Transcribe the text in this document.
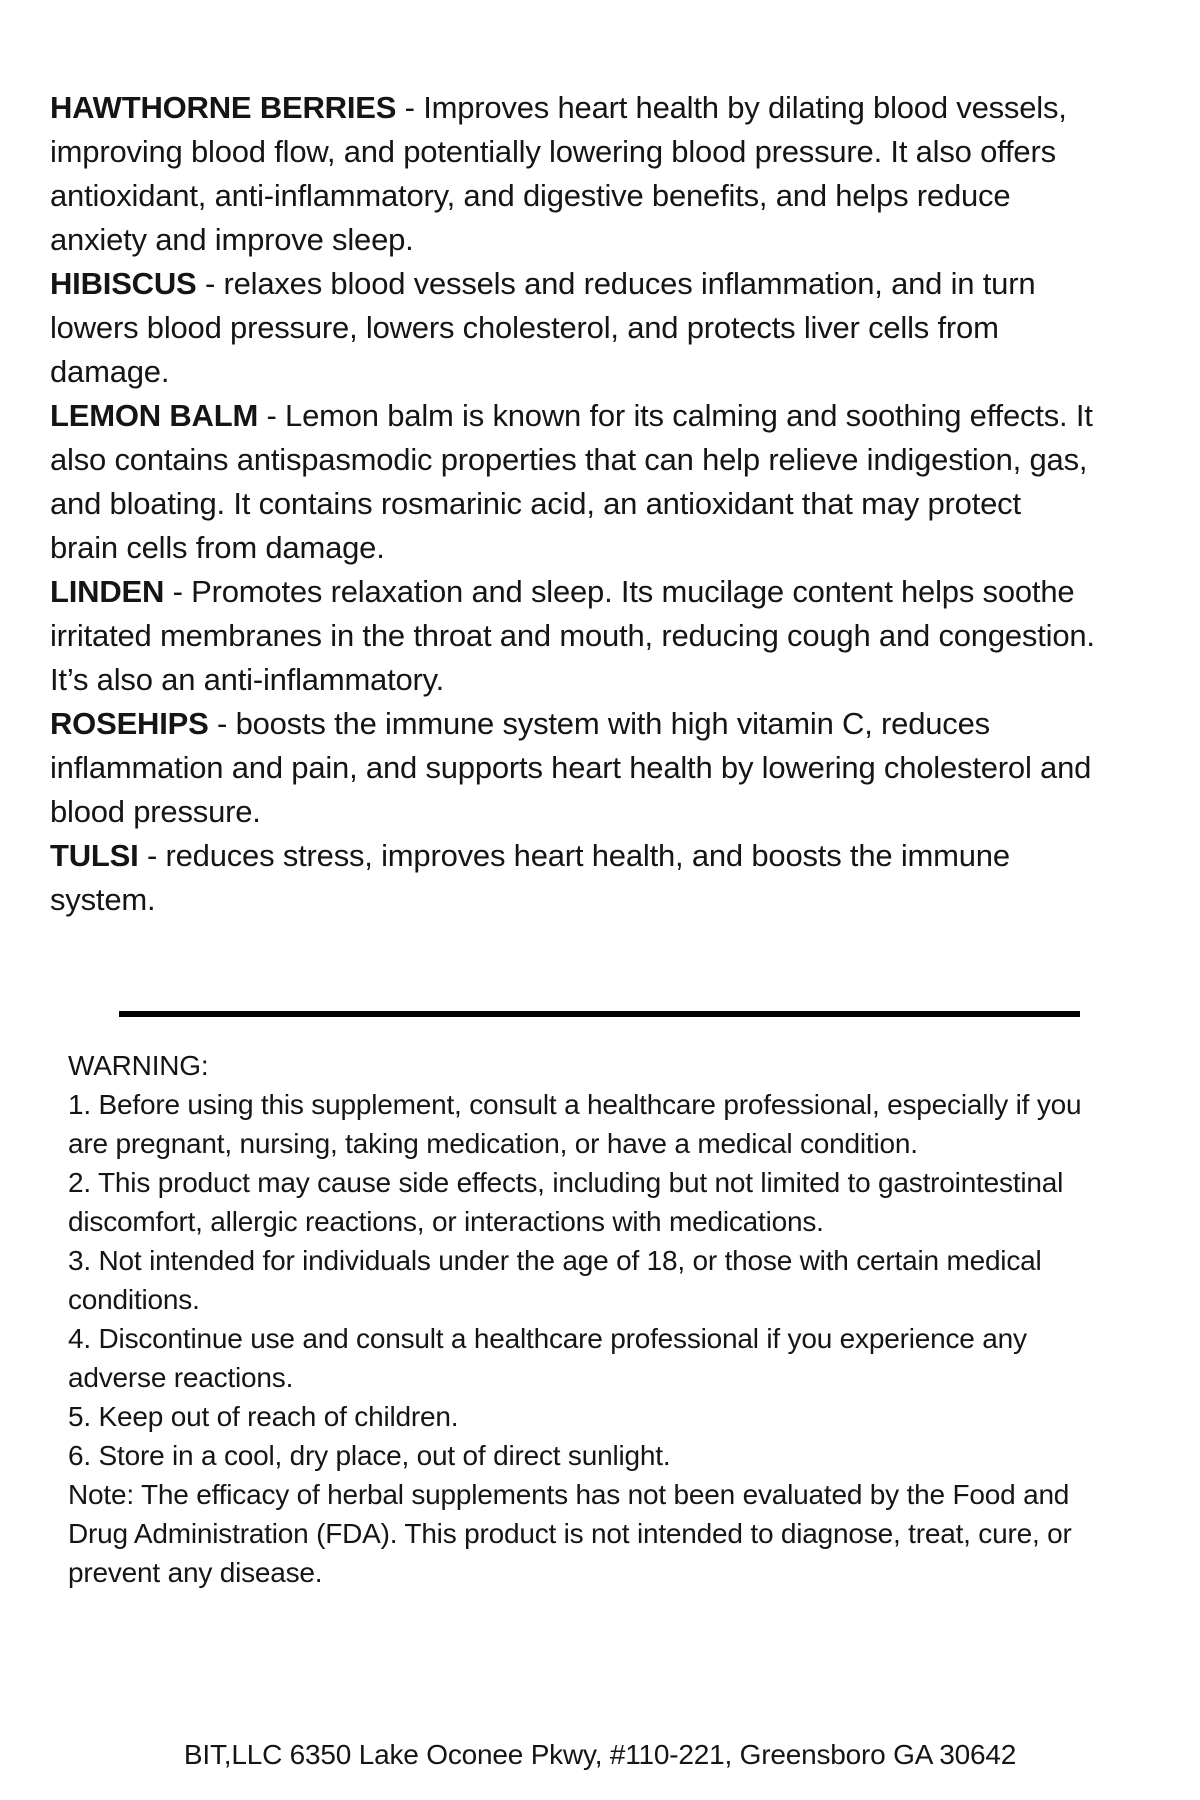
HAWTHORNE BERRIES - Improves heart health by dilating blood vessels, improving blood flow, and potentially lowering blood pressure. It also offers antioxidant, anti-inflammatory, and digestive benefits, and helps reduce anxiety and improve sleep.

HIBISCUS - relaxes blood vessels and reduces inflammation, and in turn lowers blood pressure, lowers cholesterol, and protects liver cells from damage.

LEMON BALM - Lemon balm is known for its calming and soothing effects. It also contains antispasmodic properties that can help relieve indigestion, gas, and bloating. It contains rosmarinic acid, an antioxidant that may protect brain cells from damage.

LINDEN - Promotes relaxation and sleep. Its mucilage content helps soothe irritated membranes in the throat and mouth, reducing cough and congestion. It’s also an anti-inflammatory.

ROSEHIPS - boosts the immune system with high vitamin C, reduces inflammation and pain, and supports heart health by lowering cholesterol and blood pressure.

TULSI - reduces stress, improves heart health, and boosts the immune system.

WARNING:

1. Before using this supplement, consult a healthcare professional, especially if you are pregnant, nursing, taking medication, or have a medical condition.

2. This product may cause side effects, including but not limited to gastrointestinal discomfort, allergic reactions, or interactions with medications.

3. Not intended for individuals under the age of 18, or those with certain medical conditions.

4. Discontinue use and consult a healthcare professional if you experience any adverse reactions.

5. Keep out of reach of children.

6. Store in a cool, dry place, out of direct sunlight.

Note: The efficacy of herbal supplements has not been evaluated by the Food and Drug Administration (FDA). This product is not intended to diagnose, treat, cure, or prevent any disease.

BIT,LLC 6350 Lake Oconee Pkwy, #110-221, Greensboro GA 30642
